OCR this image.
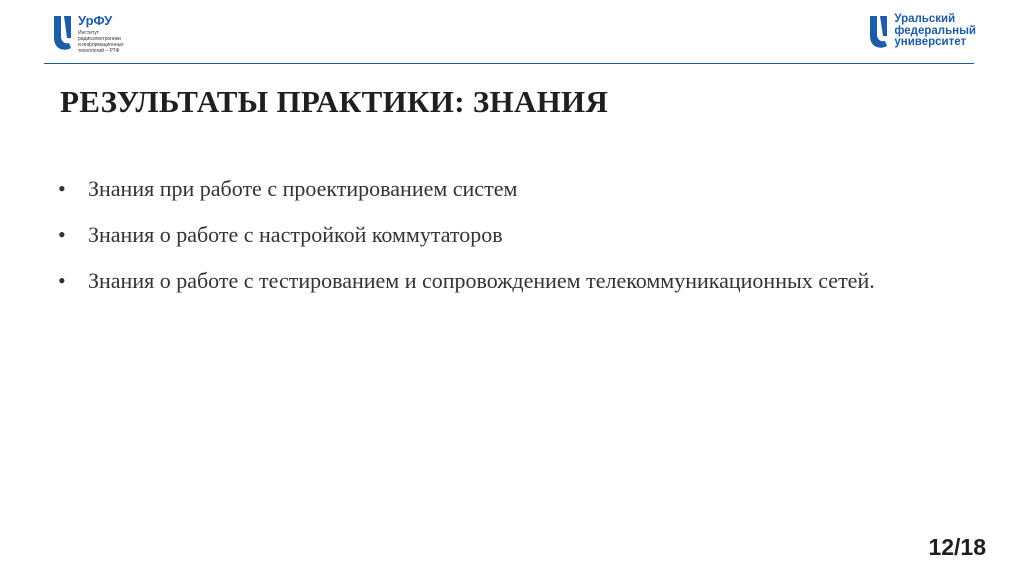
УрФУ
Институт
радиоэлектроники
и информационных
технологий – РТФ
Уральский
федеральный
университет
РЕЗУЛЬТАТЫ ПРАКТИКИ: ЗНАНИЯ
•	Знания при работе с проектированием систем
•	Знания о работе с настройкой коммутаторов
•	Знания о работе с тестированием и сопровождением телекоммуникационных сетей.
12/18
